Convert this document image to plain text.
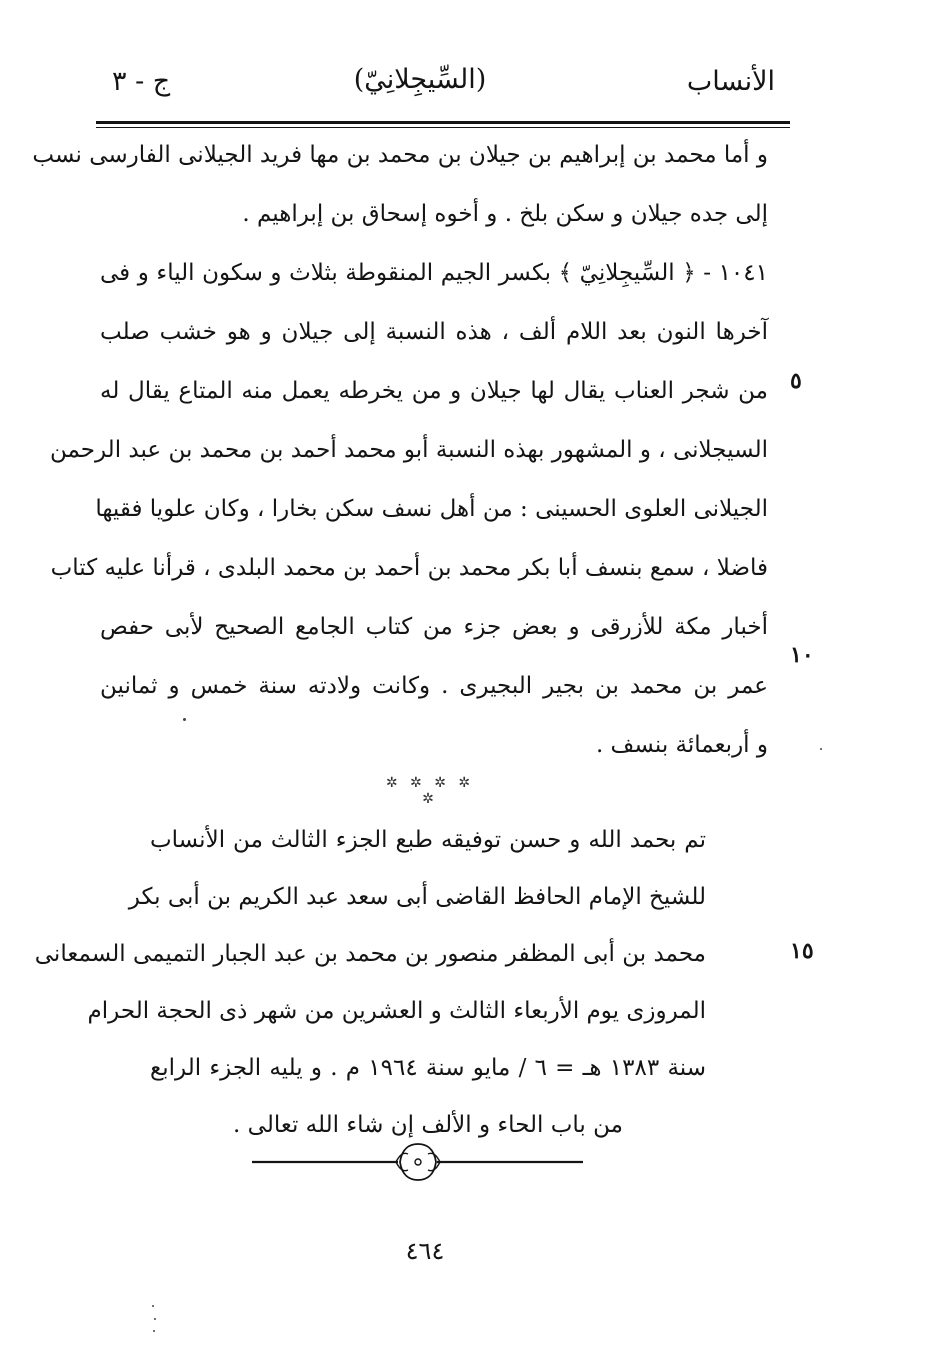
الأنساب
(السِّيجِلانِيّ)
ج - ٣
و أما محمد بن إبراهيم بن جيلان بن محمد بن مها فريد الجيلانى الفارسى نسب
إلى جده جيلان و سكن بلخ . و أخوه إسحاق بن إبراهيم .
١٠٤١ - ﴿ السِّيجِلانِيّ ﴾ بكسر الجيم المنقوطة بثلاث و سكون الياء و فى
آخرها النون بعد اللام ألف ، هذه النسبة إلى جيلان و هو خشب صلب
من شجر العناب يقال لها جيلان و من يخرطه يعمل منه المتاع يقال له
السيجلانى ، و المشهور بهذه النسبة أبو محمد أحمد بن محمد بن عبد الرحمن
الجيلانى العلوى الحسينى : من أهل نسف سكن بخارا ، وكان علويا فقيها
فاضلا ، سمع بنسف أبا بكر محمد بن أحمد بن محمد البلدى ، قرأنا عليه كتاب
أخبار مكة للأزرقى و بعض جزء من كتاب الجامع الصحيح لأبى حفص
عمر بن محمد بن بجير البجيرى . وكانت ولادته سنة خمس و ثمانين
و أربعمائة بنسف .
٥
١٠
١٥
✲ ✲ ✲ ✲ ✲
تم بحمد الله و حسن توفيقه طبع الجزء الثالث من الأنساب
للشيخ الإمام الحافظ القاضى أبى سعد عبد الكريم بن أبى بكر
محمد بن أبى المظفر منصور بن محمد بن عبد الجبار التميمى السمعانى
المروزى يوم الأربعاء الثالث و العشرين من شهر ذى الحجة الحرام
سنة ١٣٨٣ هـ = ٦ / مايو سنة ١٩٦٤ م . و يليه الجزء الرابع
من باب الحاء و الألف إن شاء الله تعالى .
٤٦٤
